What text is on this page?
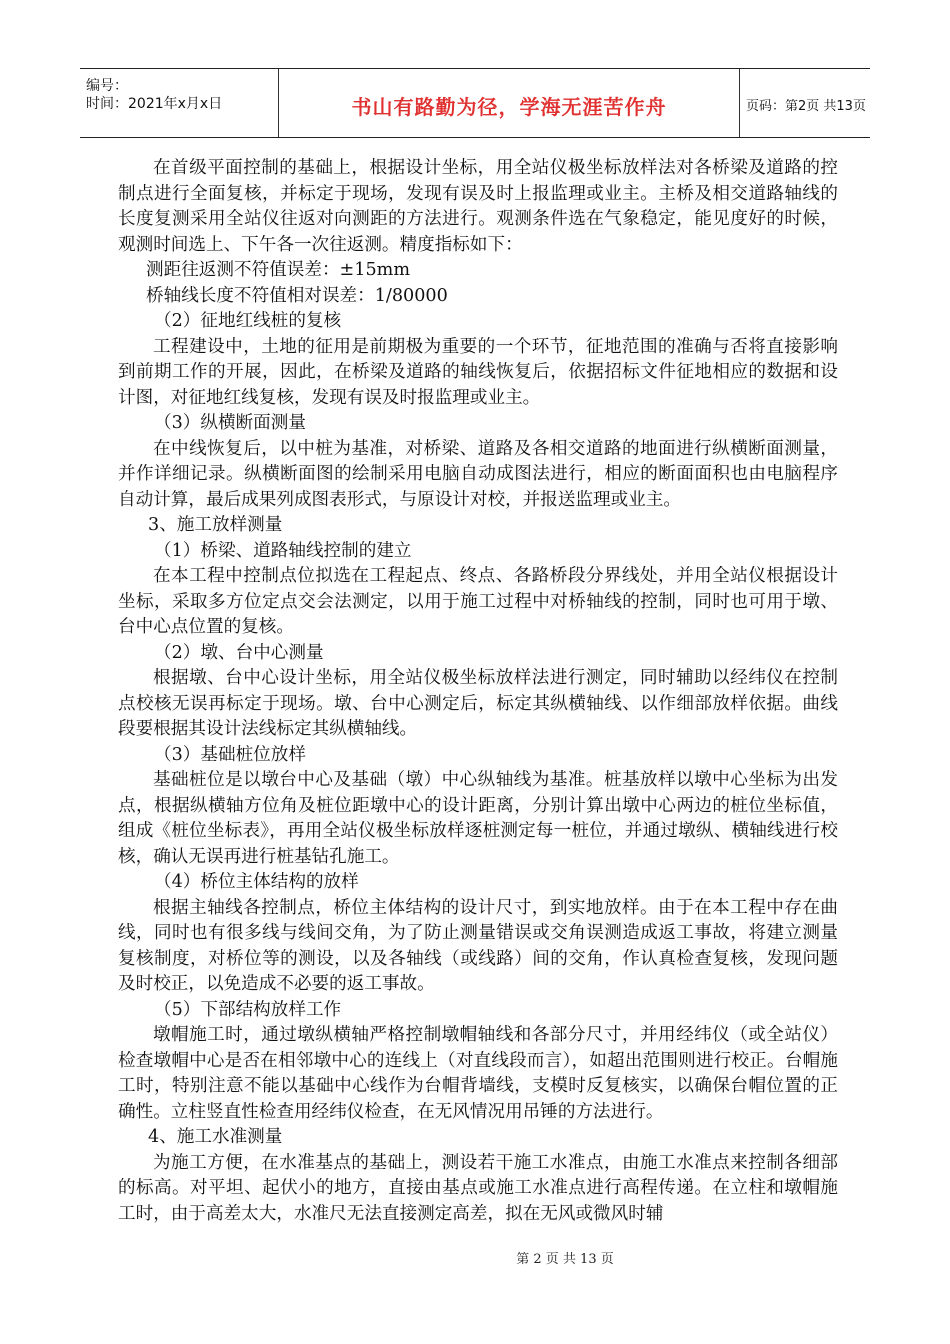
编号：
时间：2021年x月x日	书山有路勤为径，学海无涯苦作舟	页码：第2页 共13页

在首级平面控制的基础上，根据设计坐标，用全站仪极坐标放样法对各桥梁及道路的控制点进行全面复核，并标定于现场，发现有误及时上报监理或业主。主桥及相交道路轴线的长度复测采用全站仪往返对向测距的方法进行。观测条件选在气象稳定，能见度好的时候，观测时间选上、下午各一次往返测。精度指标如下：

测距往返测不符值误差：±15mm

桥轴线长度不符值相对误差：1/80000

（2）征地红线桩的复核

工程建设中，土地的征用是前期极为重要的一个环节，征地范围的准确与否将直接影响到前期工作的开展，因此，在桥梁及道路的轴线恢复后，依据招标文件征地相应的数据和设计图，对征地红线复核，发现有误及时报监理或业主。

（3）纵横断面测量

在中线恢复后，以中桩为基准，对桥梁、道路及各相交道路的地面进行纵横断面测量，并作详细记录。纵横断面图的绘制采用电脑自动成图法进行，相应的断面面积也由电脑程序自动计算，最后成果列成图表形式，与原设计对校，并报送监理或业主。

3、施工放样测量

（1）桥梁、道路轴线控制的建立

在本工程中控制点位拟选在工程起点、终点、各路桥段分界线处，并用全站仪根据设计坐标，采取多方位定点交会法测定，以用于施工过程中对桥轴线的控制，同时也可用于墩、台中心点位置的复核。

（2）墩、台中心测量

根据墩、台中心设计坐标，用全站仪极坐标放样法进行测定，同时辅助以经纬仪在控制点校核无误再标定于现场。墩、台中心测定后，标定其纵横轴线、以作细部放样依据。曲线段要根据其设计法线标定其纵横轴线。

（3）基础桩位放样

基础桩位是以墩台中心及基础（墩）中心纵轴线为基准。桩基放样以墩中心坐标为出发点，根据纵横轴方位角及桩位距墩中心的设计距离，分别计算出墩中心两边的桩位坐标值，组成《桩位坐标表》，再用全站仪极坐标放样逐桩测定每一桩位，并通过墩纵、横轴线进行校核，确认无误再进行桩基钻孔施工。

（4）桥位主体结构的放样

根据主轴线各控制点，桥位主体结构的设计尺寸，到实地放样。由于在本工程中存在曲线，同时也有很多线与线间交角，为了防止测量错误或交角误测造成返工事故，将建立测量复核制度，对桥位等的测设，以及各轴线（或线路）间的交角，作认真检查复核，发现问题及时校正，以免造成不必要的返工事故。

（5）下部结构放样工作

墩帽施工时，通过墩纵横轴严格控制墩帽轴线和各部分尺寸，并用经纬仪（或全站仪）检查墩帽中心是否在相邻墩中心的连线上（对直线段而言），如超出范围则进行校正。台帽施工时，特别注意不能以基础中心线作为台帽背墙线，支模时反复核实，以确保台帽位置的正确性。立柱竖直性检查用经纬仪检查，在无风情况用吊锤的方法进行。

4、施工水准测量

为施工方便，在水准基点的基础上，测设若干施工水准点，由施工水准点来控制各细部的标高。对平坦、起伏小的地方，直接由基点或施工水准点进行高程传递。在立柱和墩帽施工时，由于高差太大，水准尺无法直接测定高差，拟在无风或微风时辅

第 2 页 共 13 页
